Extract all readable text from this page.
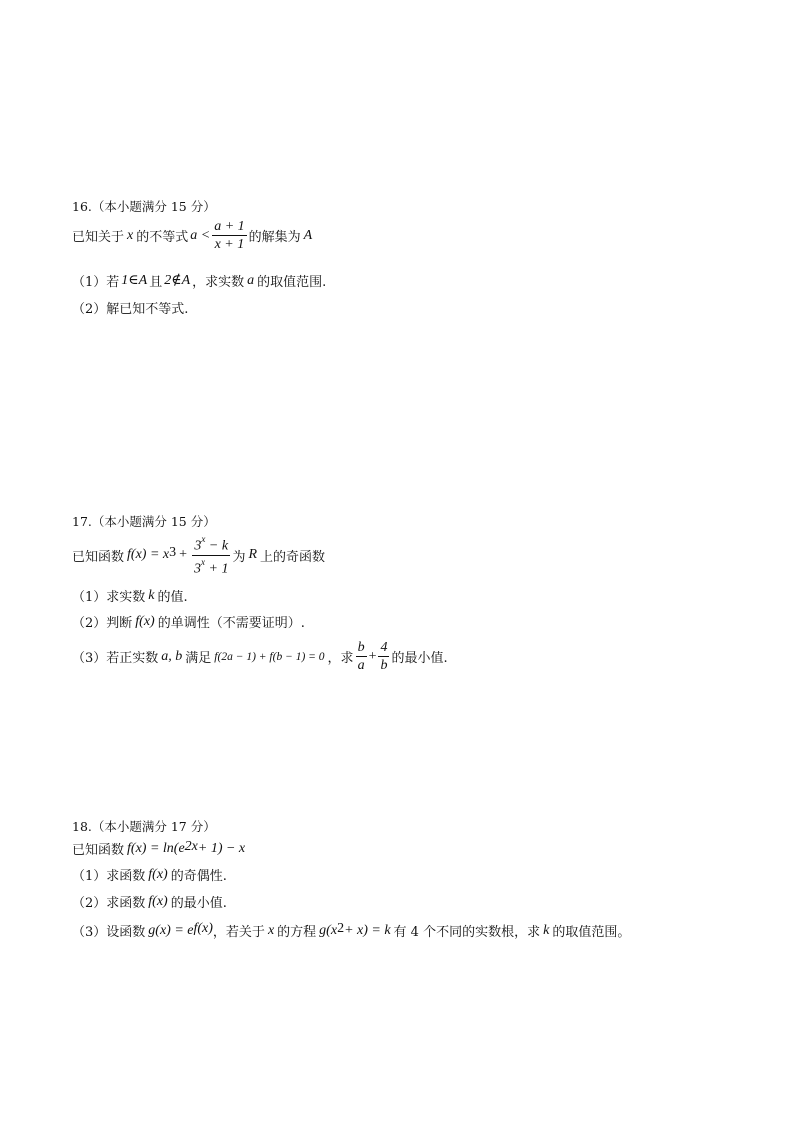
16.（本小题满分 15 分）
已知关于 x 的不等式 $a < \frac{a + 1}{x + 1}$ 的解集为 A
（1）若 1∈A 且 2∉A ，求实数 a 的取值范围.
（2）解已知不等式.
17.（本小题满分 15 分）
已知函数 $f(x) = x^3 + \frac{3^x - k}{3^x + 1}$ 为 R 上的奇函数
（1）求实数 k 的值.
（2）判断 f(x) 的单调性（不需要证明）.
（3）若正实数 a, b 满足 f(2a − 1) + f(b − 1) = 0 ，求 $\frac{b}{a} + \frac{4}{b}$ 的最小值.
18.（本小题满分 17 分）
已知函数 $f(x) = \ln(e^{2x} + 1) - x$
（1）求函数 f(x) 的奇偶性.
（2）求函数 f(x) 的最小值.
（3）设函数 $g(x) = e^{f(x)}$ ，若关于 x 的方程 $g(x^2 + x) = k$ 有 4 个不同的实数根，求 k 的取值范围。
